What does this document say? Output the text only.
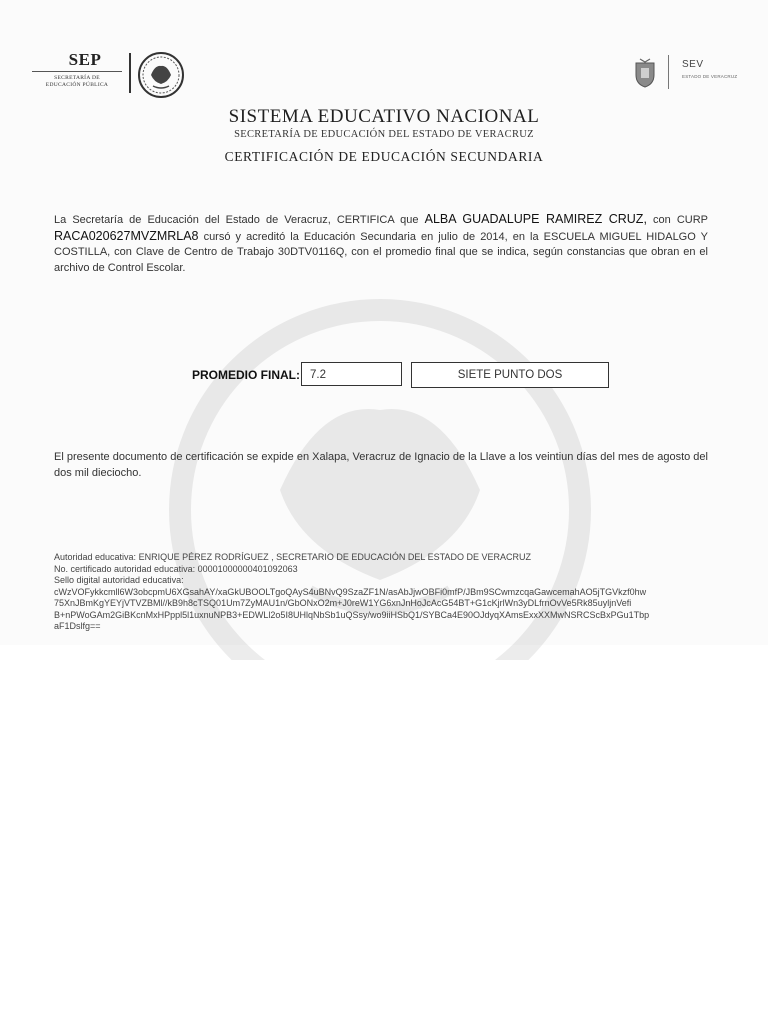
SEP
SECRETARÍA DE
EDUCACIÓN PÚBLICA
SEV
ESTADO DE VERACRUZ
SISTEMA EDUCATIVO NACIONAL
SECRETARÍA DE EDUCACIÓN DEL ESTADO DE VERACRUZ
CERTIFICACIÓN DE EDUCACIÓN SECUNDARIA
La Secretaría de Educación del Estado de Veracruz, CERTIFICA que ALBA GUADALUPE RAMIREZ CRUZ, con CURP RACA020627MVZMRLA8 cursó y acreditó la Educación Secundaria en julio de 2014, en la ESCUELA MIGUEL HIDALGO Y COSTILLA, con Clave de Centro de Trabajo 30DTV0116Q, con el promedio final que se indica, según constancias que obran en el archivo de Control Escolar.
PROMEDIO FINAL: 7.2	SIETE PUNTO DOS
El presente documento de certificación se expide en Xalapa, Veracruz de Ignacio de la Llave a los veintiun días del mes de agosto del dos mil dieciocho.
Autoridad educativa: ENRIQUE PÉREZ RODRÍGUEZ , SECRETARIO DE EDUCACIÓN DEL ESTADO DE VERACRUZ
No. certificado autoridad educativa: 00001000000401092063
Sello digital autoridad educativa:
cWzVOFykkcmll6W3obcpmU6XGsahAY/xaGkUBOOLTgoQAyS4uBNvQ9SzaZF1N/asAbJjwOBFi0mfP/JBm9SCwmzcqaGawcemahAO5jTGVkzf0hw
75XnJBmKgYEYjVTVZBMl//kB9h8cTSQ01Um7ZyMAU1n/GbONxO2m+J0reW1YG6xnJnHoJcAcG54BT+G1cKjrlWn3yDLfrnOvVe5Rk85uyljnVefi
B+nPWoGAm2GiBKcnMxHPppl5l1uxnuNPB3+EDWLl2o5I8UHlqNbSb1uQSsy/wo9iiHSbQ1/SYBCa4E90OJdyqXAmsExxXXMwNSRCScBxPGu1Tbp
aF1Dslfg==
